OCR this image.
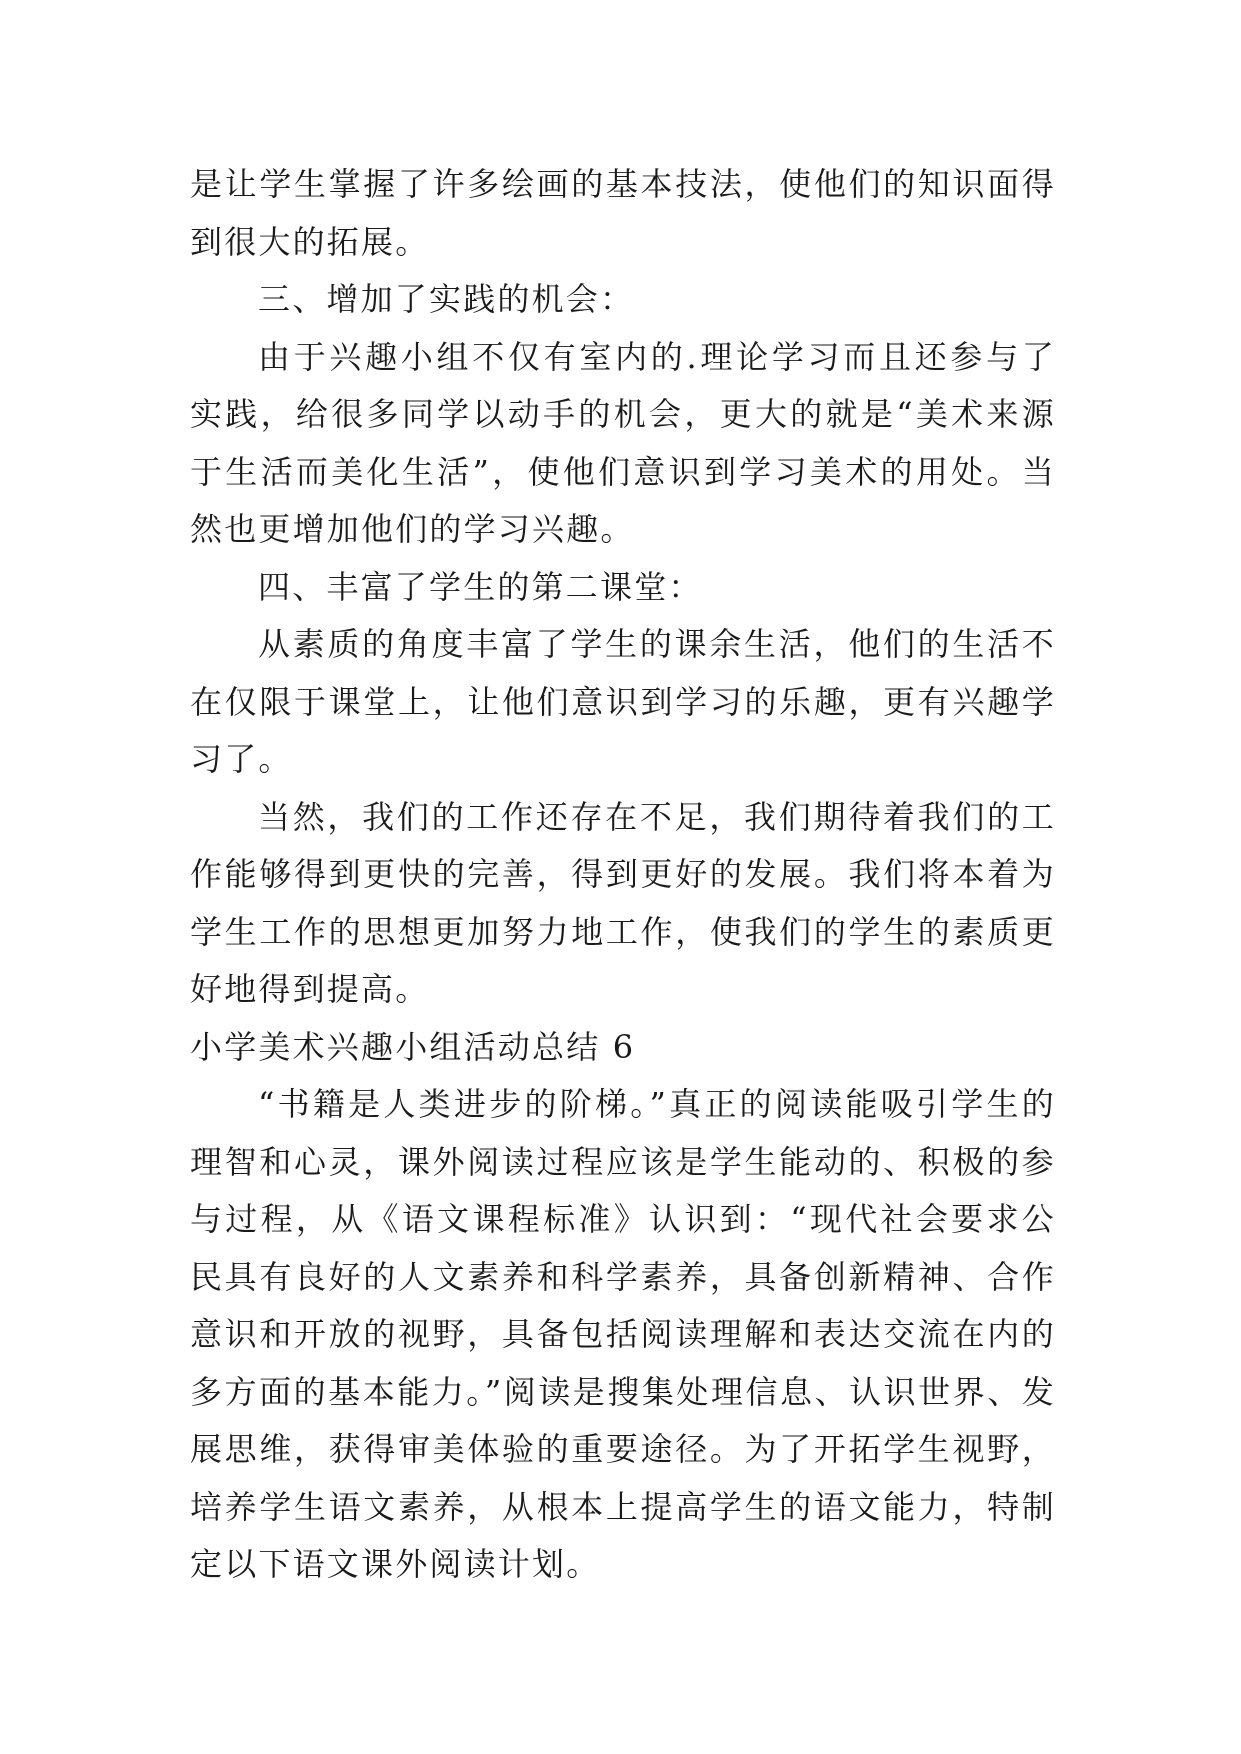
是让学生掌握了许多绘画的基本技法，使他们的知识面得到很大的拓展。

三、增加了实践的机会：

由于兴趣小组不仅有室内的.理论学习而且还参与了实践，给很多同学以动手的机会，更大的就是“美术来源于生活而美化生活”，使他们意识到学习美术的用处。当然也更增加他们的学习兴趣。

四、丰富了学生的第二课堂：

从素质的角度丰富了学生的课余生活，他们的生活不在仅限于课堂上，让他们意识到学习的乐趣，更有兴趣学习了。

当然，我们的工作还存在不足，我们期待着我们的工作能够得到更快的完善，得到更好的发展。我们将本着为学生工作的思想更加努力地工作，使我们的学生的素质更好地得到提高。

小学美术兴趣小组活动总结 6

“书籍是人类进步的阶梯。”真正的阅读能吸引学生的理智和心灵，课外阅读过程应该是学生能动的、积极的参与过程，从《语文课程标准》认识到：“现代社会要求公民具有良好的人文素养和科学素养，具备创新精神、合作意识和开放的视野，具备包括阅读理解和表达交流在内的多方面的基本能力。”阅读是搜集处理信息、认识世界、发展思维，获得审美体验的重要途径。为了开拓学生视野，培养学生语文素养，从根本上提高学生的语文能力，特制定以下语文课外阅读计划。
